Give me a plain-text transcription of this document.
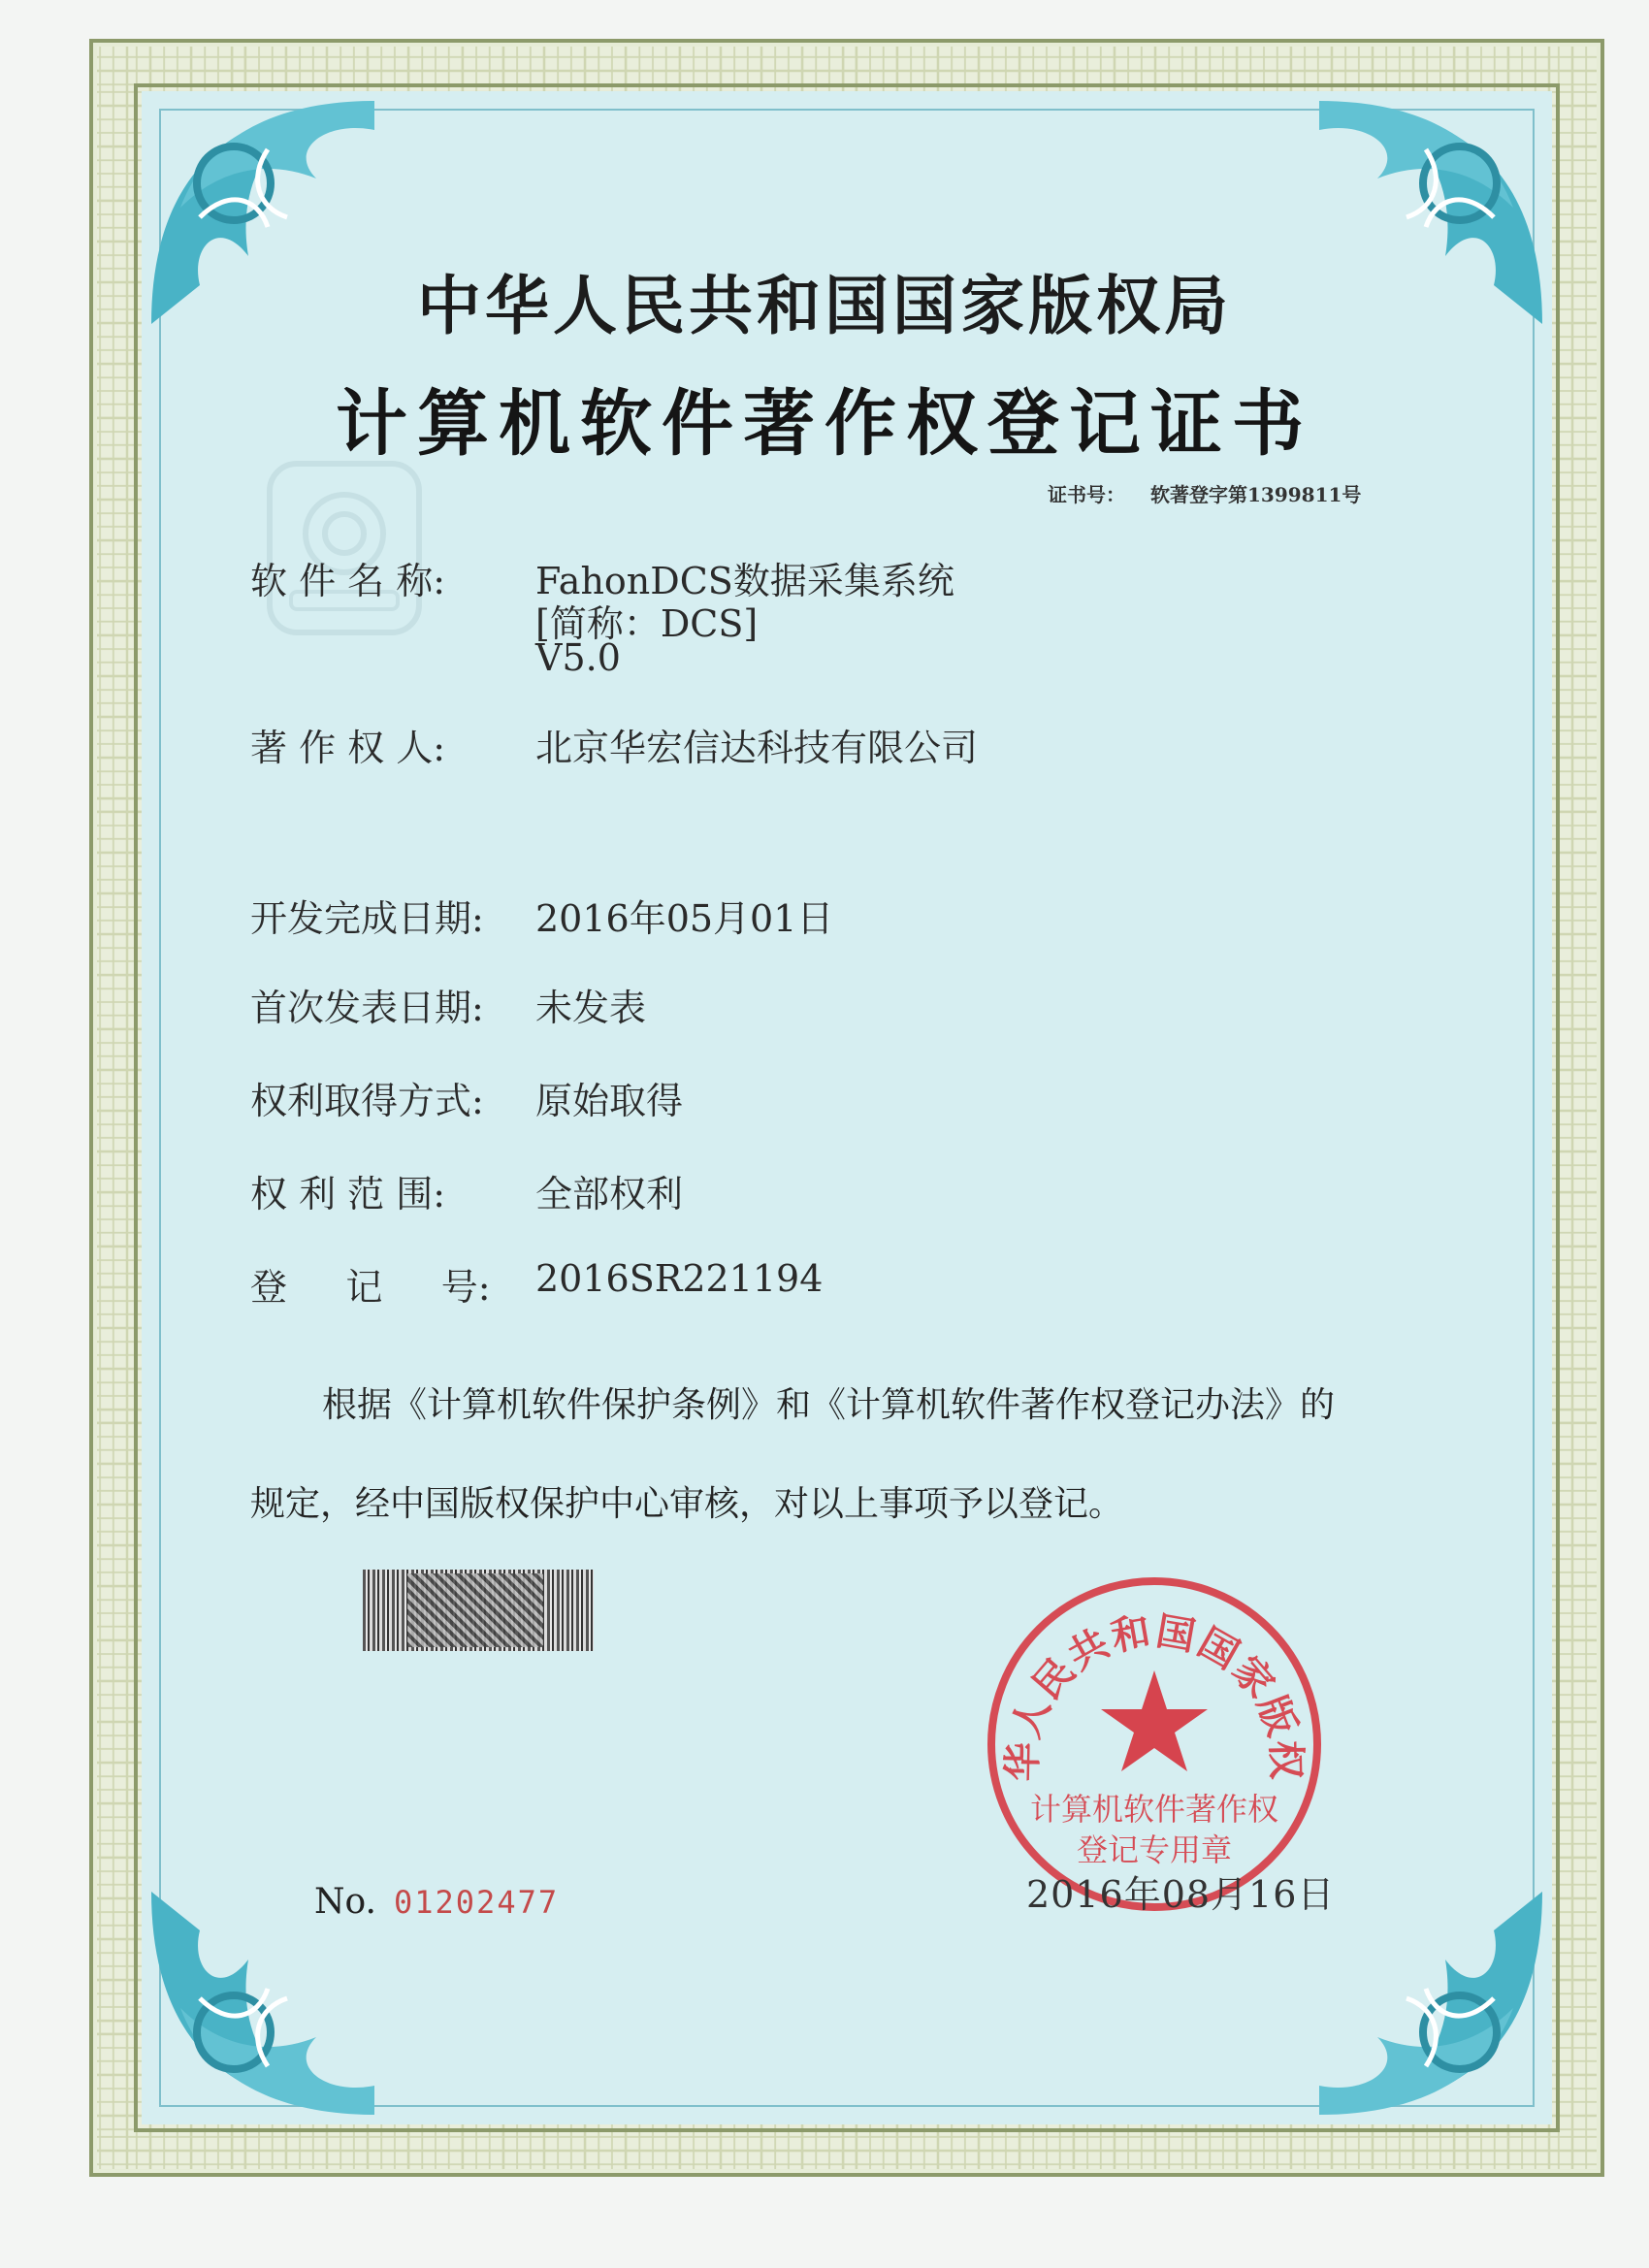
中华人民共和国国家版权局
计算机软件著作权登记证书
证书号： 软著登字第1399811号
软 件 名 称: FahonDCS数据采集系统
[简称：DCS]
V5.0
著 作 权 人: 北京华宏信达科技有限公司
开发完成日期: 2016年05月01日
首次发表日期: 未发表
权利取得方式: 原始取得
权 利 范 围: 全部权利
登     记     号: 2016SR221194
根据《计算机软件保护条例》和《计算机软件著作权登记办法》的
规定，经中国版权保护中心审核，对以上事项予以登记。
No. 01202477
华人民共和国国家版权
计算机软件著作权
登记专用章
2016年08月16日
